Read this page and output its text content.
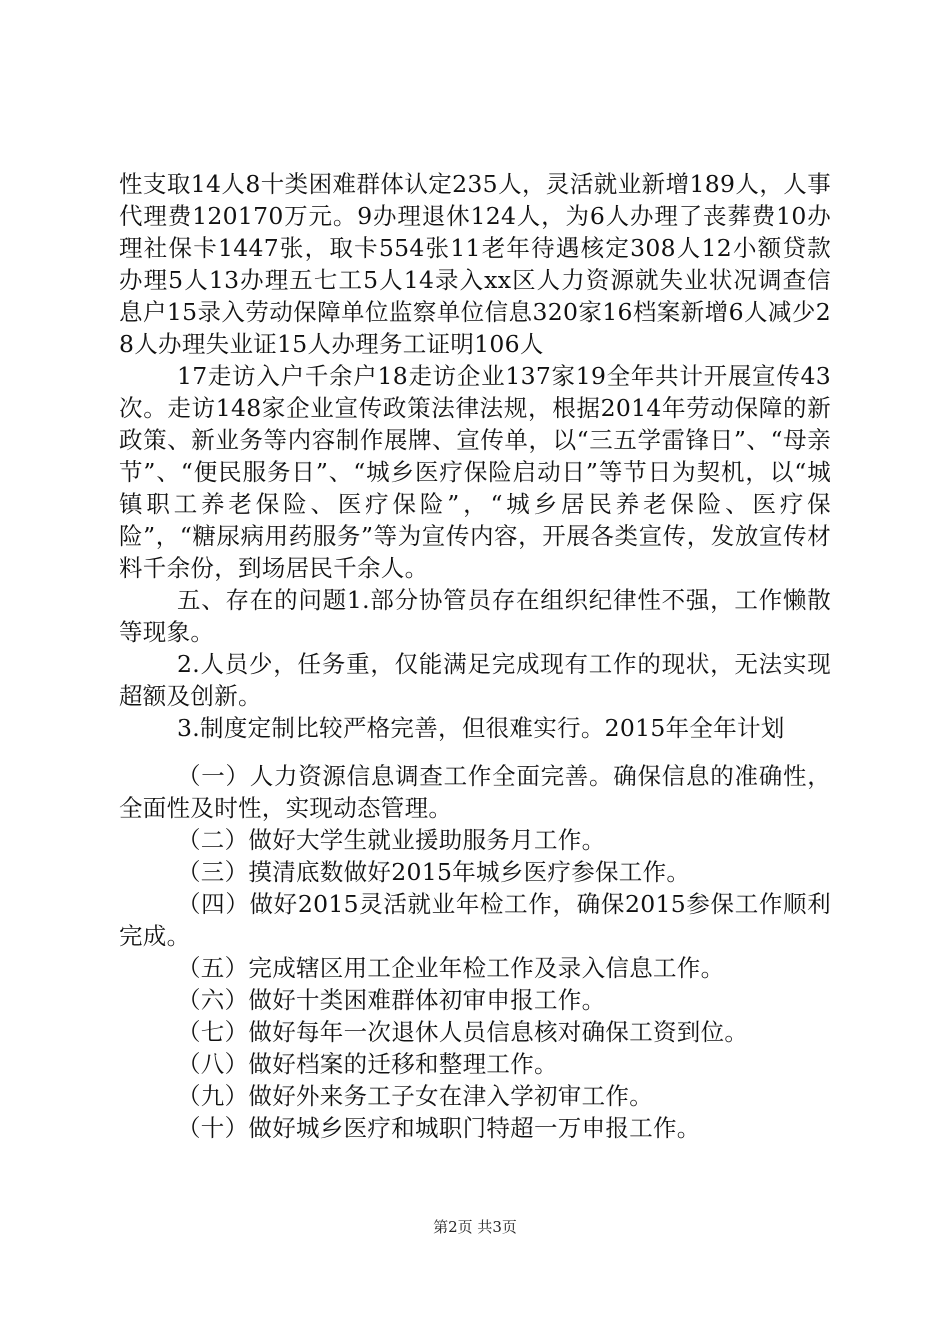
性支取14人8十类困难群体认定235人，灵活就业新增189人，人事代理费120170万元。9办理退休124人，为6人办理了丧葬费10办理社保卡1447张，取卡554张11老年待遇核定308人12小额贷款办理5人13办理五七工5人14录入xx区人力资源就失业状况调查信息户15录入劳动保障单位监察单位信息320家16档案新增6人减少28人办理失业证15人办理务工证明106人

17走访入户千余户18走访企业137家19全年共计开展宣传43次。走访148家企业宣传政策法律法规，根据2014年劳动保障的新政策、新业务等内容制作展牌、宣传单，以“三五学雷锋日”、“母亲节”、“便民服务日”、“城乡医疗保险启动日”等节日为契机，以“城镇职工养老保险、医疗保险”，“城乡居民养老保险、医疗保险”，“糖尿病用药服务”等为宣传内容，开展各类宣传，发放宣传材料千余份，到场居民千余人。

五、存在的问题1.部分协管员存在组织纪律性不强，工作懒散等现象。

2.人员少，任务重，仅能满足完成现有工作的现状，无法实现超额及创新。

3.制度定制比较严格完善，但很难实行。2015年全年计划

（一）人力资源信息调查工作全面完善。确保信息的准确性，全面性及时性，实现动态管理。

（二）做好大学生就业援助服务月工作。

（三）摸清底数做好2015年城乡医疗参保工作。

（四）做好2015灵活就业年检工作，确保2015参保工作顺利完成。

（五）完成辖区用工企业年检工作及录入信息工作。

（六）做好十类困难群体初审申报工作。

（七）做好每年一次退休人员信息核对确保工资到位。

（八）做好档案的迁移和整理工作。

（九）做好外来务工子女在津入学初审工作。

（十）做好城乡医疗和城职门特超一万申报工作。

第2页 共3页
